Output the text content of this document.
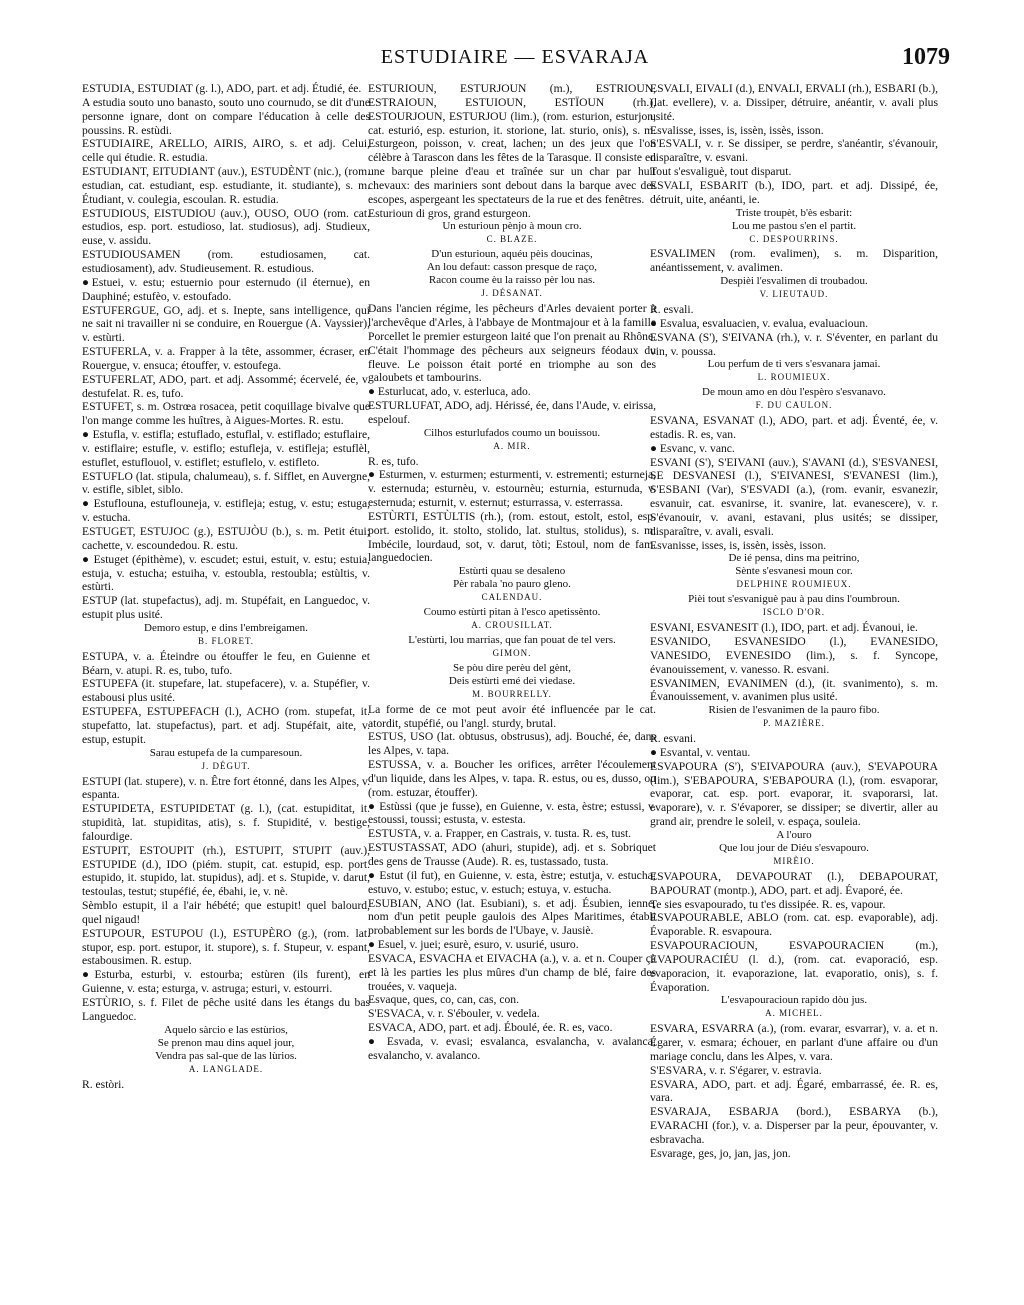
ESTUDIAIRE — ESVARAJA	1079

ESTUDIA, ESTUDIAT (g. l.), ADO, part. et adj. Étudié, ée.

A estudia souto uno banasto, souto uno cournudo, se dit d'une personne ignare, dont on compare l'éducation à celle des poussins. R. estùdi.

ESTUDIAIRE, ARELLO, AIRIS, AIRO, s. et adj. Celui, celle qui étudie. R. estudia.

ESTUDIANT, EITUDIANT (auv.), ESTUDÈNT (nic.), (rom. estudian, cat. estudiant, esp. estudiante, it. studiante), s. m. Étudiant, v. coulegia, escoulan. R. estudia.

ESTUDIOUS, EISTUDIOU (auv.), OUSO, OUO (rom. cat. estudios, esp. port. estudioso, lat. studiosus), adj. Studieux, euse, v. assidu.

ESTUDIOUSAMEN (rom. estudiosamen, cat. estudiosament), adv. Studieusement. R. estudious.

●Estuei, v. estu; estuernio pour esternudo (il éternue), en Dauphiné; estufèo, v. estoufado.

ESTUFERGUE, GO, adj. et s. Inepte, sans intelligence, qui ne sait ni travailler ni se conduire, en Rouergue (A. Vayssier), v. estùrti.

ESTUFERLA, v. a. Frapper à la tête, assommer, écraser, en Rouergue, v. ensuca; étouffer, v. estoufega.

ESTUFERLAT, ADO, part. et adj. Assommé; écervelé, ée, v. destufelat. R. es, tufo.

ESTUFET, s. m. Ostrœa rosacea, petit coquillage bivalve que l'on mange comme les huîtres, à Aigues-Mortes. R. estu.

● Estufla, v. estifla; estuflado, estuflal, v. estiflado; estuflaire, v. estiflaire; estufle, v. estiflo; estufleja, v. estifleja; estuflèl, estuflet, estuflouol, v. estiflet; estuflelo, v. estifleto.

ESTUFLO (lat. stipula, chalumeau), s. f. Sifflet, en Auvergne, v. estifle, siblet, siblo.

● Estuflouna, estuflouneja, v. estifleja; estug, v. estu; estuga, v. estucha.

ESTUGET, ESTUJOC (g.), ESTUJÒU (b.), s. m. Petit étui; cachette, v. escoundedou. R. estu.

● Estuget (épithème), v. escudet; estui, estuit, v. estu; estuia, estuja, v. estucha; estuiha, v. estoubla, restoubla; estùltis, v. estùrti.

ESTUP (lat. stupefactus), adj. m. Stupéfait, en Languedoc, v. estupit plus usité.

Demoro estup, e dins l'embreigamen.

B. FLORET.

ESTUPA, v. a. Éteindre ou étouffer le feu, en Guienne et Béarn, v. atupi. R. es, tubo, tufo.

ESTUPEFA (it. stupefare, lat. stupefacere), v. a. Stupéfier, v. estabousi plus usité.

ESTUPEFA, ESTUPEFACH (l.), ACHO (rom. stupefat, it. stupefatto, lat. stupefactus), part. et adj. Stupéfait, aite, v. estup, estupit.

Sarau estupefa de la cumparesoun.

J. DÉGUT.

ESTUPI (lat. stupere), v. n. Être fort étonné, dans les Alpes, v. espanta.

ESTUPIDETA, ESTUPIDETAT (g. l.), (cat. estupiditat, it. stupidità, lat. stupiditas, atis), s. f. Stupidité, v. bestige, falourdige.

ESTUPIT, ESTOUPIT (rh.), ESTUPIT, STUPIT (auv.), ESTUPIDE (d.), IDO (piém. stupit, cat. estupid, esp. port. estupido, it. stupido, lat. stupidus), adj. et s. Stupide, v. darut, testoulas, testut; stupéfié, ée, ébahi, ie, v. nè.

Sèmblo estupit, il a l'air hébété; que estupit! quel balourd, quel nigaud!

ESTUPOUR, ESTUPOU (l.), ESTUPÈRO (g.), (rom. lat. stupor, esp. port. estupor, it. stupore), s. f. Stupeur, v. espant, estabousimen. R. estup.

●Esturba, esturbi, v. estourba; estùren (ils furent), en Guienne, v. esta; esturga, v. astruga; esturi, v. estourri.

ESTÙRIO, s. f. Filet de pêche usité dans les étangs du bas Languedoc.

Aquelo sàrcio e las estùrios,

Se prenon mau dins aquel jour,

Vendra pas sal-que de las lùrios.

A. LANGLADE.

R. estòri.

ESTURIOUN, ESTURJOUN (m.), ESTRIOUN, ESTRAIOUN, ESTUIOUN, ESTÏOUN (rh.), ESTOURJOUN, ESTURJOU (lim.), (rom. esturion, esturjon, cat. esturió, esp. esturion, it. storione, lat. sturio, onis), s. m. Esturgeon, poisson, v. creat, lachen; un des jeux que l'on célèbre à Tarascon dans les fêtes de la Tarasque. Il consiste en une barque pleine d'eau et traînée sur un char par huit chevaux: des mariniers sont debout dans la barque avec des escopes, aspergeant les spectateurs de la rue et des fenêtres.

Esturioun di gros, grand esturgeon.

Un esturioun pènjo à moun cro.

C. BLAZE.

D'un esturioun, aquéu pèis doucinas,

An lou defaut: casson presque de raço,

Racon coume èu la raisso pèr lou nas.

J. DÉSANAT.

Dans l'ancien régime, les pêcheurs d'Arles devaient porter à l'archevêque d'Arles, à l'abbaye de Montmajour et à la famille Porcellet le premier esturgeon laité que l'on prenait au Rhône. C'était l'hommage des pêcheurs aux seigneurs féodaux du fleuve. Le poisson était porté en triomphe au son des galoubets et tambourins.

● Esturlucat, ado, v. esterluca, ado.

ESTURLUFAT, ADO, adj. Hérissé, ée, dans l'Aude, v. eirissa, espelouf.

Cilhos esturlufados coumo un bouissou.

A. MIR.

R. es, tufo.

● Esturmen, v. esturmen; esturmenti, v. estrementi; esturneja, v. esternuda; esturnèu, v. estournèu; esturnia, esturnuda, v. esternuda; esturnit, v. esternut; esturrassa, v. esterrassa.

ESTÙRTI, ESTÙLTIS (rh.), (rom. estout, estolt, estol, esp. port. estolido, it. stolto, stolido, lat. stultus, stolidus), s. m. Imbécile, lourdaud, sot, v. darut, tòti; Estoul, nom de fam. languedocien.

Estùrti quau se desaleno

Pèr rabala 'no pauro gleno.

CALENDAU.

Coumo estùrti pitan à l'esco apetissènto.

A. CROUSILLAT.

L'estùrti, lou marrias, que fan pouat de tel vers.

GIMON.

Se pòu dire perèu del gènt,

Deis estùrti emé dei viedase.

M. BOURRELLY.

La forme de ce mot peut avoir été influencée par le cat. atordit, stupéfié, ou l'angl. sturdy, brutal.

ESTUS, USO (lat. obtusus, obstrusus), adj. Bouché, ée, dans les Alpes, v. tapa.

ESTUSSA, v. a. Boucher les orifices, arrêter l'écoulement d'un liquide, dans les Alpes, v. tapa. R. estus, ou es, dusso, ou (rom. estuzar, étouffer).

● Estùssi (que je fusse), en Guienne, v. esta, èstre; estussi, v. estoussi, toussi; estusta, v. estesta.

ESTUSTA, v. a. Frapper, en Castrais, v. tusta. R. es, tust.

ESTUSTASSAT, ADO (ahuri, stupide), adj. et s. Sobriquet des gens de Trausse (Aude). R. es, tustassado, tusta.

● Estut (il fut), en Guienne, v. esta, èstre; estutja, v. estucha; estuvo, v. estubo; estuc, v. estuch; estuya, v. estucha.

ESUBIAN, ANO (lat. Esubiani), s. et adj. Ésubien, ienne, nom d'un petit peuple gaulois des Alpes Maritimes, établi probablement sur les bords de l'Ubaye, v. Jausiè.

● Esuel, v. juei; esurè, esuro, v. usurié, usuro.

ESVACA, ESVACHA et EIVACHA (a.), v. a. et n. Couper çà et là les parties les plus mûres d'un champ de blé, faire des trouées, v. vaqueja.

Esvaque, ques, co, can, cas, con.

S'ESVACA, v. r. S'ébouler, v. vedela.

ESVACA, ADO, part. et adj. Éboulé, ée. R. es, vaco.

● Esvada, v. evasi; esvalanca, esvalancha, v. avalanca; esvalancho, v. avalanco.

ESVALI, EIVALI (d.), ENVALI, ERVALI (rh.), ESBARI (b.), (lat. evellere), v. a. Dissiper, détruire, anéantir, v. avali plus usité.

Esvalisse, isses, is, issèn, issès, isson.

S'ESVALI, v. r. Se dissiper, se perdre, s'anéantir, s'évanouir, disparaître, v. esvani.

Tout s'esvaliguè, tout disparut.

ESVALI, ESBARIT (b.), IDO, part. et adj. Dissipé, ée, détruit, uite, anéanti, ie.

Triste troupèt, b'ès esbarit:

Lou me pastou s'en el partit.

C. DESPOURRINS.

ESVALIMEN (rom. evalimen), s. m. Disparition, anéantissement, v. avalimen.

Despièi l'esvalimen di troubadou.

V. LIEUTAUD.

R. esvali.

● Esvalua, esvaluacien, v. evalua, evaluacioun.

ESVANA (S'), S'EIVANA (rh.), v. r. S'éventer, en parlant du vin, v. poussa.

Lou perfum de ti vers s'esvanara jamai.

L. ROUMIEUX.

De moun amo en dòu l'espèro s'esvanavo.

F. DU CAULON.

ESVANA, ESVANAT (l.), ADO, part. et adj. Éventé, ée, v. estadis. R. es, van.

● Esvanc, v. vanc.

ESVANI (S'), S'EIVANI (auv.), S'AVANI (d.), S'ESVANESI, SE DESVANESI (l.), S'EIVANESI, S'EVANESI (lim.), S'ESBANI (Var), S'ESVADI (a.), (rom. evanir, esvanezir, esvanuir, cat. esvanirse, it. svanire, lat. evanescere), v. r. S'évanouir, v. avani, estavani, plus usités; se dissiper, disparaître, v. avali, esvali.

Esvanisse, isses, is, issèn, issès, isson.

De ié pensa, dins ma peitrino,

Sènte s'esvanesi moun cor.

DELPHINE ROUMIEUX.

Pièi tout s'esvaniguè pau à pau dins l'oumbroun.

ISCLO D'OR.

ESVANI, ESVANESIT (l.), IDO, part. et adj. Évanoui, ie.

ESVANIDO, ESVANESIDO (l.), EVANESIDO, VANESIDO, EVENESIDO (lim.), s. f. Syncope, évanouissement, v. vanesso. R. esvani.

ESVANIMEN, EVANIMEN (d.), (it. svanimento), s. m. Évanouissement, v. avanimen plus usité.

Risien de l'esvanimen de la pauro fibo.

P. MAZIÈRE.

R. esvani.

● Esvantal, v. ventau.

ESVAPOURA (S'), S'EIVAPOURA (auv.), S'EVAPOURA (lim.), S'EBAPOURA, S'EBAPOURA (l.), (rom. esvaporar, evaporar, cat. esp. port. evaporar, it. svaporarsi, lat. evaporare), v. r. S'évaporer, se dissiper; se divertir, aller au grand air, prendre le soleil, v. espaça, souleia.

A l'ouro

Que lou jour de Diéu s'esvapouro.

MIRÈIO.

ESVAPOURA, DEVAPOURAT (l.), DEBAPOURAT, BAPOURAT (montp.), ADO, part. et adj. Évaporé, ée.

Te sies esvapourado, tu t'es dissipée. R. es, vapour.

ESVAPOURABLE, ABLO (rom. cat. esp. evaporable), adj. Évaporable. R. esvapoura.

ESVAPOURACIOUN, ESVAPOURACIEN (m.), EVAPOURACIÉU (l. d.), (rom. cat. evaporació, esp. evaporacion, it. evaporazione, lat. evaporatio, onis), s. f. Évaporation.

L'esvapouracioun rapido dòu jus.

A. MICHEL.

ESVARA, ESVARRA (a.), (rom. evarar, esvarrar), v. a. et n. Égarer, v. esmara; échouer, en parlant d'une affaire ou d'un mariage conclu, dans les Alpes, v. vara.

S'ESVARA, v. r. S'égarer, v. estravia.

ESVARA, ADO, part. et adj. Égaré, embarrassé, ée. R. es, vara.

ESVARAJA, ESBARJA (bord.), ESBARYA (b.), EVARACHI (for.), v. a. Disperser par la peur, épouvanter, v. esbravacha.

Esvarage, ges, jo, jan, jas, jon.
